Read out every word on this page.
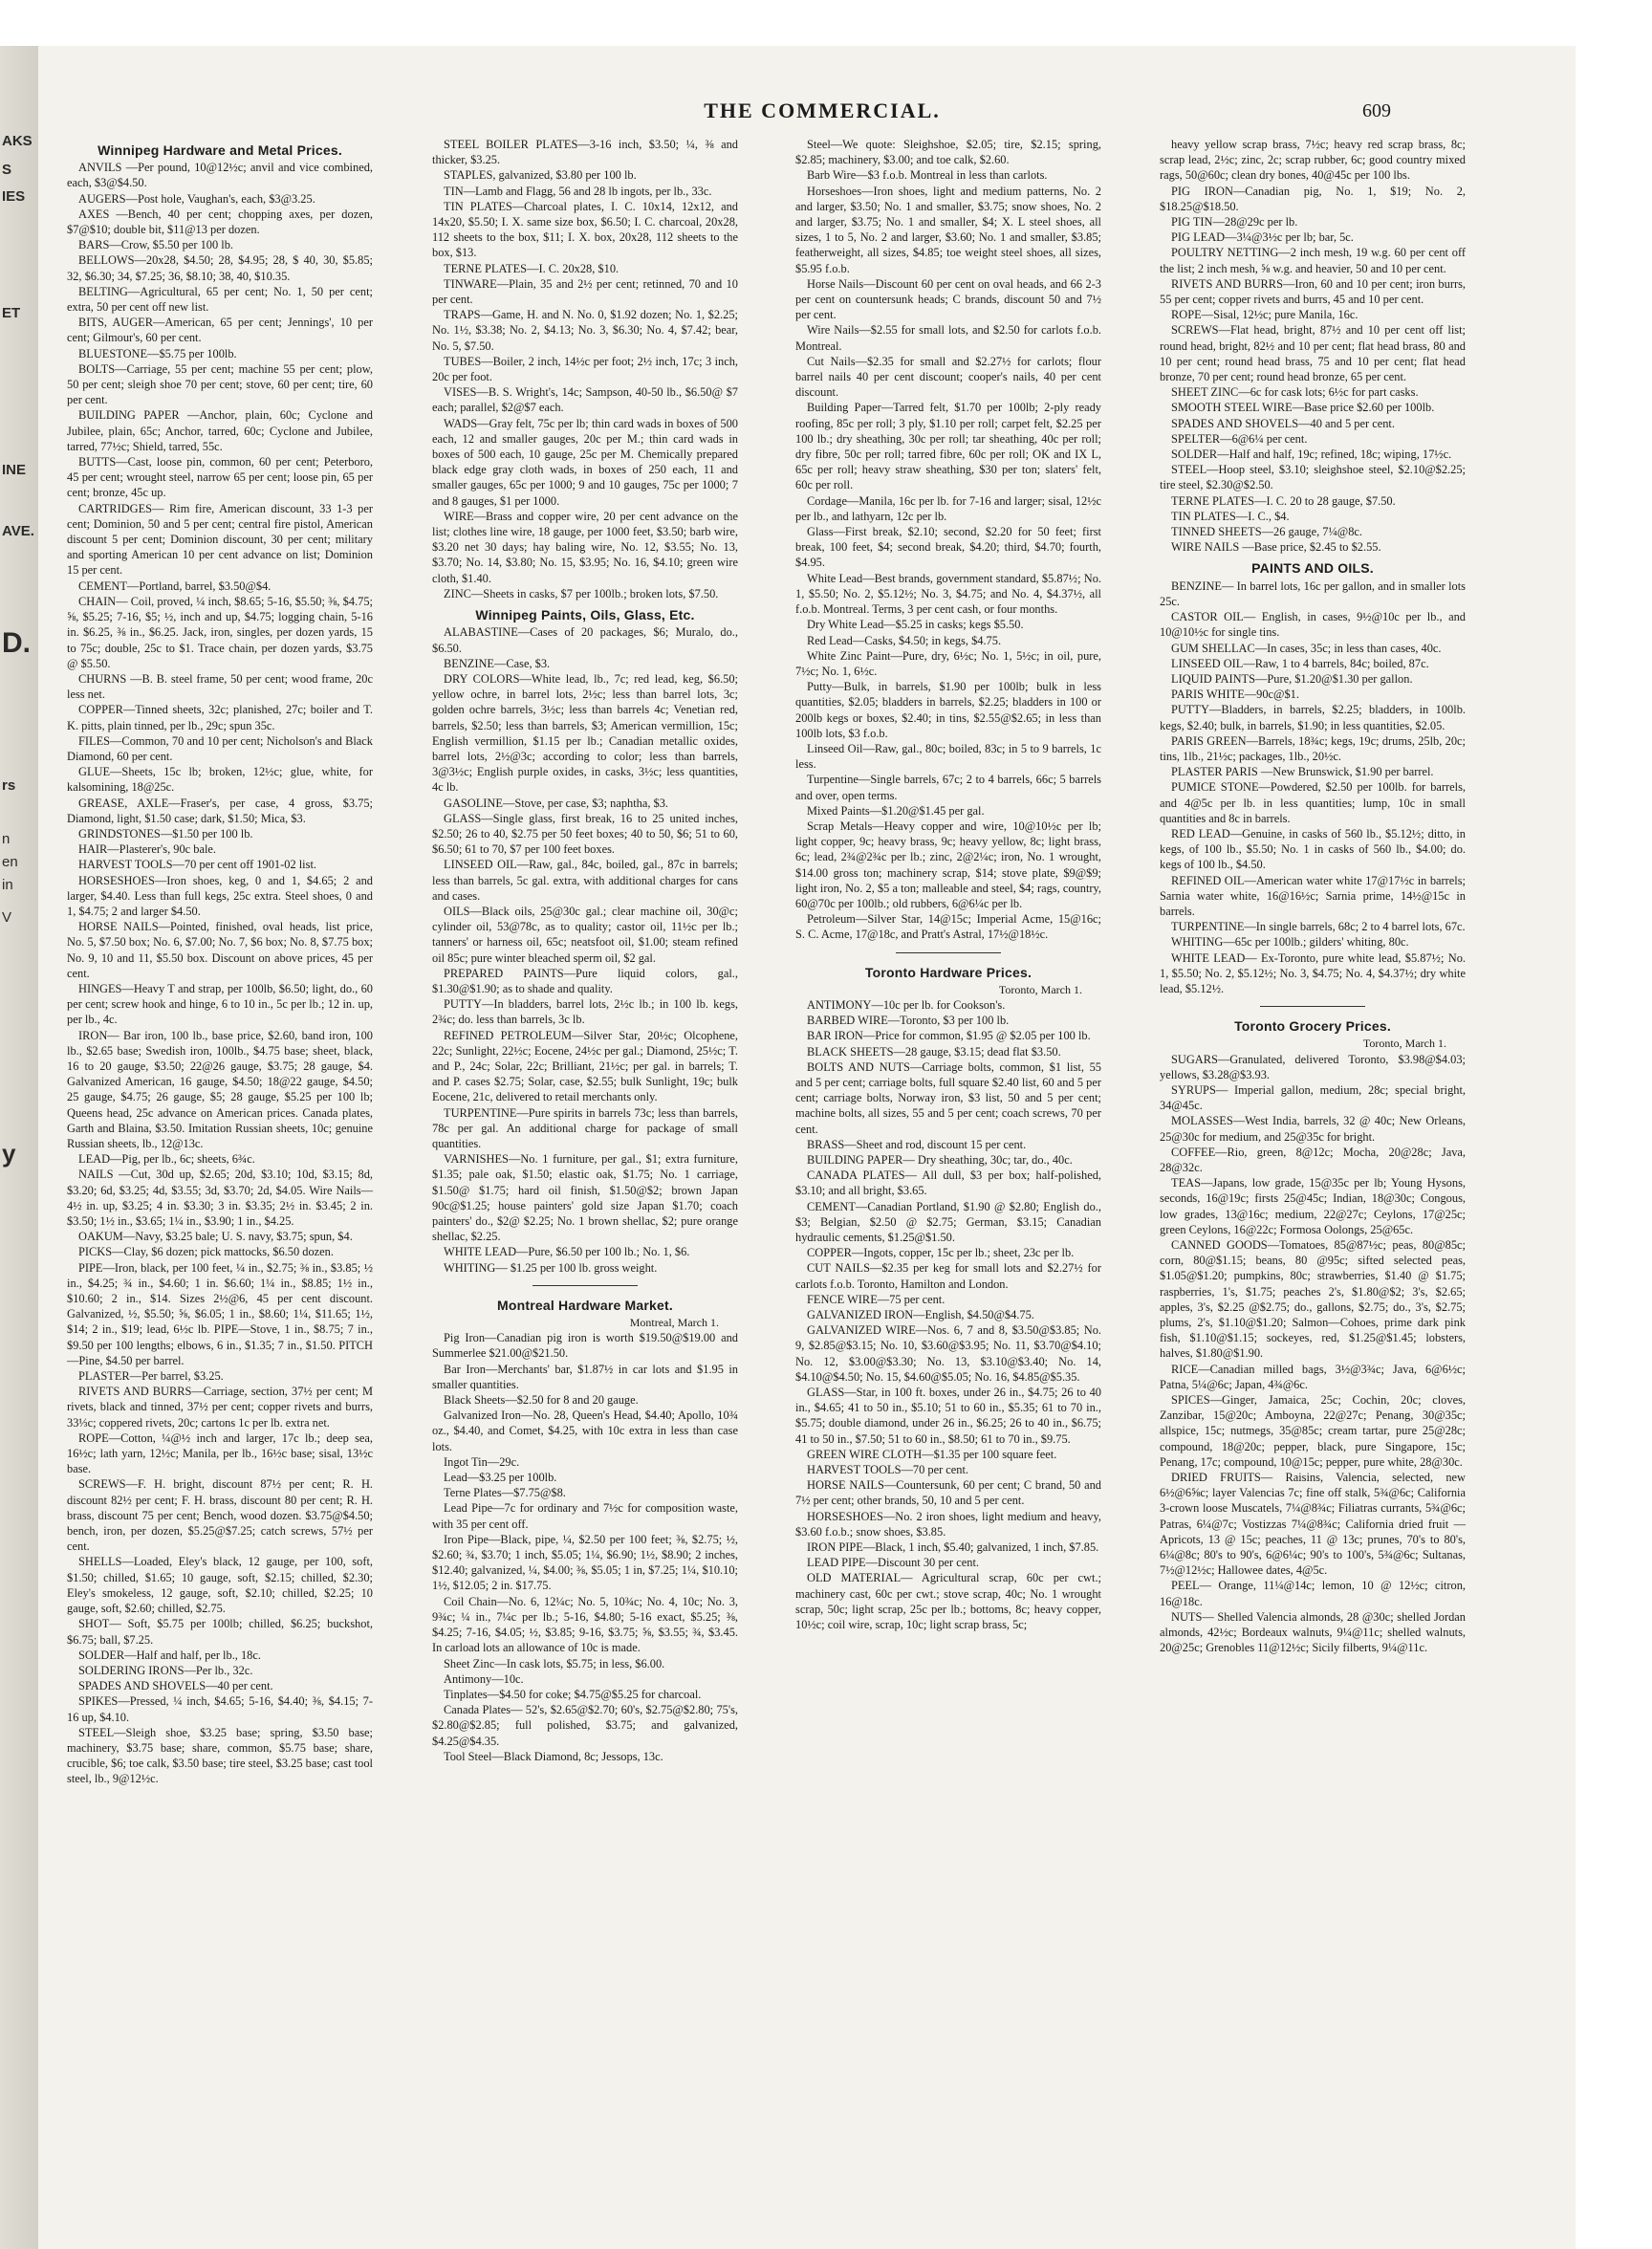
AKS
S
IES
ET
INE
AVE.
D.
rs
n
en
in
V
y
THE COMMERCIAL.	609
Winnipeg Hardware and Metal Prices.

ANVILS —Per pound, 10@12½c; anvil and vice combined, each, $3@$4.50.

AUGERS—Post hole, Vaughan's, each, $3@3.25.

AXES —Bench, 40 per cent; chopping axes, per dozen, $7@$10; double bit, $11@13 per dozen.

BARS—Crow, $5.50 per 100 lb.

BELLOWS—20x28, $4.50; 28, $4.95; 28, $ 40, 30, $5.85; 32, $6.30; 34, $7.25; 36, $8.10; 38, 40, $10.35.

BELTING—Agricultural, 65 per cent; No. 1, 50 per cent; extra, 50 per cent off new list.

BITS, AUGER—American, 65 per cent; Jennings', 10 per cent; Gilmour's, 60 per cent.

BLUESTONE—$5.75 per 100lb.

BOLTS—Carriage, 55 per cent; machine 55 per cent; plow, 50 per cent; sleigh shoe 70 per cent; stove, 60 per cent; tire, 60 per cent.

BUILDING PAPER —Anchor, plain, 60c; Cyclone and Jubilee, plain, 65c; Anchor, tarred, 60c; Cyclone and Jubilee, tarred, 77½c; Shield, tarred, 55c.

BUTTS—Cast, loose pin, common, 60 per cent; Peterboro, 45 per cent; wrought steel, narrow 65 per cent; loose pin, 65 per cent; bronze, 45c up.

CARTRIDGES— Rim fire, American discount, 33 1-3 per cent; Dominion, 50 and 5 per cent; central fire pistol, American discount 5 per cent; Dominion discount, 30 per cent; military and sporting American 10 per cent advance on list; Dominion 15 per cent.

CEMENT—Portland, barrel, $3.50@$4.

CHAIN— Coil, proved, ¼ inch, $8.65; 5-16, $5.50; ⅜, $4.75; ⅝, $5.25; 7-16, $5; ½, inch and up, $4.75; logging chain, 5-16 in. $6.25, ⅜ in., $6.25. Jack, iron, singles, per dozen yards, 15 to 75c; double, 25c to $1. Trace chain, per dozen yards, $3.75 @ $5.50.

CHURNS —B. B. steel frame, 50 per cent; wood frame, 20c less net.

COPPER—Tinned sheets, 32c; planished, 27c; boiler and T. K. pitts, plain tinned, per lb., 29c; spun 35c.

FILES—Common, 70 and 10 per cent; Nicholson's and Black Diamond, 60 per cent.

GLUE—Sheets, 15c lb; broken, 12½c; glue, white, for kalsomining, 18@25c.

GREASE, AXLE—Fraser's, per case, 4 gross, $3.75; Diamond, light, $1.50 case; dark, $1.50; Mica, $3.

GRINDSTONES—$1.50 per 100 lb.

HAIR—Plasterer's, 90c bale.

HARVEST TOOLS—70 per cent off 1901-02 list.

HORSESHOES—Iron shoes, keg, 0 and 1, $4.65; 2 and larger, $4.40. Less than full kegs, 25c extra. Steel shoes, 0 and 1, $4.75; 2 and larger $4.50.

HORSE NAILS—Pointed, finished, oval heads, list price, No. 5, $7.50 box; No. 6, $7.00; No. 7, $6 box; No. 8, $7.75 box; No. 9, 10 and 11, $5.50 box. Discount on above prices, 45 per cent.

HINGES—Heavy T and strap, per 100lb, $6.50; light, do., 60 per cent; screw hook and hinge, 6 to 10 in., 5c per lb.; 12 in. up, per lb., 4c.

IRON— Bar iron, 100 lb., base price, $2.60, band iron, 100 lb., $2.65 base; Swedish iron, 100lb., $4.75 base; sheet, black, 16 to 20 gauge, $3.50; 22@26 gauge, $3.75; 28 gauge, $4. Galvanized American, 16 gauge, $4.50; 18@22 gauge, $4.50; 25 gauge, $4.75; 26 gauge, $5; 28 gauge, $5.25 per 100 lb; Queens head, 25c advance on American prices. Canada plates, Garth and Blaina, $3.50. Imitation Russian sheets, 10c; genuine Russian sheets, lb., 12@13c.

LEAD—Pig, per lb., 6c; sheets, 6¾c.

NAILS —Cut, 30d up, $2.65; 20d, $3.10; 10d, $3.15; 8d, $3.20; 6d, $3.25; 4d, $3.55; 3d, $3.70; 2d, $4.05. Wire Nails—4½ in. up, $3.25; 4 in. $3.30; 3 in. $3.35; 2½ in. $3.45; 2 in. $3.50; 1½ in., $3.65; 1¼ in., $3.90; 1 in., $4.25.

OAKUM—Navy, $3.25 bale; U. S. navy, $3.75; spun, $4.

PICKS—Clay, $6 dozen; pick mattocks, $6.50 dozen.

PIPE—Iron, black, per 100 feet, ¼ in., $2.75; ⅜ in., $3.85; ½ in., $4.25; ¾ in., $4.60; 1 in. $6.60; 1¼ in., $8.85; 1½ in., $10.60; 2 in., $14. Sizes 2½@6, 45 per cent discount. Galvanized, ½, $5.50; ⅝, $6.05; 1 in., $8.60; 1¼, $11.65; 1½, $14; 2 in., $19; lead, 6½c lb. PIPE—Stove, 1 in., $8.75; 7 in., $9.50 per 100 lengths; elbows, 6 in., $1.35; 7 in., $1.50. PITCH—Pine, $4.50 per barrel.

PLASTER—Per barrel, $3.25.

RIVETS AND BURRS—Carriage, section, 37½ per cent; M rivets, black and tinned, 37½ per cent; copper rivets and burrs, 33⅓c; coppered rivets, 20c; cartons 1c per lb. extra net.

ROPE—Cotton, ¼@½ inch and larger, 17c lb.; deep sea, 16½c; lath yarn, 12½c; Manila, per lb., 16½c base; sisal, 13½c base.

SCREWS—F. H. bright, discount 87½ per cent; R. H. discount 82½ per cent; F. H. brass, discount 80 per cent; R. H. brass, discount 75 per cent; Bench, wood dozen. $3.75@$4.50; bench, iron, per dozen, $5.25@$7.25; catch screws, 57½ per cent.

SHELLS—Loaded, Eley's black, 12 gauge, per 100, soft, $1.50; chilled, $1.65; 10 gauge, soft, $2.15; chilled, $2.30; Eley's smokeless, 12 gauge, soft, $2.10; chilled, $2.25; 10 gauge, soft, $2.60; chilled, $2.75.

SHOT— Soft, $5.75 per 100lb; chilled, $6.25; buckshot, $6.75; ball, $7.25.

SOLDER—Half and half, per lb., 18c.

SOLDERING IRONS—Per lb., 32c.

SPADES AND SHOVELS—40 per cent.

SPIKES—Pressed, ¼ inch, $4.65; 5-16, $4.40; ⅜, $4.15; 7-16 up, $4.10.

STEEL—Sleigh shoe, $3.25 base; spring, $3.50 base; machinery, $3.75 base; share, common, $5.75 base; share, crucible, $6; toe calk, $3.50 base; tire steel, $3.25 base; cast tool steel, lb., 9@12½c.

STEEL BOILER PLATES—3-16 inch, $3.50; ¼, ⅜ and thicker, $3.25.

STAPLES, galvanized, $3.80 per 100 lb.

TIN—Lamb and Flagg, 56 and 28 lb ingots, per lb., 33c.

TIN PLATES—Charcoal plates, I. C. 10x14, 12x12, and 14x20, $5.50; I. X. same size box, $6.50; I. C. charcoal, 20x28, 112 sheets to the box, $11; I. X. box, 20x28, 112 sheets to the box, $13.

TERNE PLATES—I. C. 20x28, $10.

TINWARE—Plain, 35 and 2½ per cent; retinned, 70 and 10 per cent.

TRAPS—Game, H. and N. No. 0, $1.92 dozen; No. 1, $2.25; No. 1½, $3.38; No. 2, $4.13; No. 3, $6.30; No. 4, $7.42; bear, No. 5, $7.50.

TUBES—Boiler, 2 inch, 14½c per foot; 2½ inch, 17c; 3 inch, 20c per foot.

VISES—B. S. Wright's, 14c; Sampson, 40-50 lb., $6.50@ $7 each; parallel, $2@$7 each.

WADS—Gray felt, 75c per lb; thin card wads in boxes of 500 each, 12 and smaller gauges, 20c per M.; thin card wads in boxes of 500 each, 10 gauge, 25c per M. Chemically prepared black edge gray cloth wads, in boxes of 250 each, 11 and smaller gauges, 65c per 1000; 9 and 10 gauges, 75c per 1000; 7 and 8 gauges, $1 per 1000.

WIRE—Brass and copper wire, 20 per cent advance on the list; clothes line wire, 18 gauge, per 1000 feet, $3.50; barb wire, $3.20 net 30 days; hay baling wire, No. 12, $3.55; No. 13, $3.70; No. 14, $3.80; No. 15, $3.95; No. 16, $4.10; green wire cloth, $1.40.

ZINC—Sheets in casks, $7 per 100lb.; broken lots, $7.50.

Winnipeg Paints, Oils, Glass, Etc.

ALABASTINE—Cases of 20 packages, $6; Muralo, do., $6.50.

BENZINE—Case, $3.

DRY COLORS—White lead, lb., 7c; red lead, keg, $6.50; yellow ochre, in barrel lots, 2½c; less than barrel lots, 3c; golden ochre barrels, 3½c; less than barrels 4c; Venetian red, barrels, $2.50; less than barrels, $3; American vermillion, 15c; English vermillion, $1.15 per lb.; Canadian metallic oxides, barrel lots, 2½@3c; according to color; less than barrels, 3@3½c; English purple oxides, in casks, 3½c; less quantities, 4c lb.

GASOLINE—Stove, per case, $3; naphtha, $3.

GLASS—Single glass, first break, 16 to 25 united inches, $2.50; 26 to 40, $2.75 per 50 feet boxes; 40 to 50, $6; 51 to 60, $6.50; 61 to 70, $7 per 100 feet boxes.

LINSEED OIL—Raw, gal., 84c, boiled, gal., 87c in barrels; less than barrels, 5c gal. extra, with additional charges for cans and cases.

OILS—Black oils, 25@30c gal.; clear machine oil, 30@c; cylinder oil, 53@78c, as to quality; castor oil, 11½c per lb.; tanners' or harness oil, 65c; neatsfoot oil, $1.00; steam refined oil 85c; pure winter bleached sperm oil, $2 gal.

PREPARED PAINTS—Pure liquid colors, gal., $1.30@$1.90; as to shade and quality.

PUTTY—In bladders, barrel lots, 2½c lb.; in 100 lb. kegs, 2¾c; do. less than barrels, 3c lb.

REFINED PETROLEUM—Silver Star, 20½c; Olcophene, 22c; Sunlight, 22½c; Eocene, 24½c per gal.; Diamond, 25½c; T. and P., 24c; Solar, 22c; Brilliant, 21½c; per gal. in barrels; T. and P. cases $2.75; Solar, case, $2.55; bulk Sunlight, 19c; bulk Eocene, 21c, delivered to retail merchants only.

TURPENTINE—Pure spirits in barrels 73c; less than barrels, 78c per gal. An additional charge for package of small quantities.

VARNISHES—No. 1 furniture, per gal., $1; extra furniture, $1.35; pale oak, $1.50; elastic oak, $1.75; No. 1 carriage, $1.50@ $1.75; hard oil finish, $1.50@$2; brown Japan 90c@$1.25; house painters' gold size Japan $1.70; coach painters' do., $2@ $2.25; No. 1 brown shellac, $2; pure orange shellac, $2.25.

WHITE LEAD—Pure, $6.50 per 100 lb.; No. 1, $6.

WHITING— $1.25 per 100 lb. gross weight.

Montreal Hardware Market.
Montreal, March 1.

Pig Iron—Canadian pig iron is worth $19.50@$19.00 and Summerlee $21.00@$21.50.

Bar Iron—Merchants' bar, $1.87½ in car lots and $1.95 in smaller quantities.

Black Sheets—$2.50 for 8 and 20 gauge.

Galvanized Iron—No. 28, Queen's Head, $4.40; Apollo, 10¾ oz., $4.40, and Comet, $4.25, with 10c extra in less than case lots.

Ingot Tin—29c.

Lead—$3.25 per 100lb.

Terne Plates—$7.75@$8.

Lead Pipe—7c for ordinary and 7½c for composition waste, with 35 per cent off.

Iron Pipe—Black, pipe, ¼, $2.50 per 100 feet; ⅜, $2.75; ½, $2.60; ¾, $3.70; 1 inch, $5.05; 1¼, $6.90; 1½, $8.90; 2 inches, $12.40; galvanized, ¼, $4.00; ⅜, $5.05; 1 in, $7.25; 1¼, $10.10; 1½, $12.05; 2 in. $17.75.

Coil Chain—No. 6, 12¼c; No. 5, 10¾c; No. 4, 10c; No. 3, 9¾c; ¼ in., 7¼c per lb.; 5-16, $4.80; 5-16 exact, $5.25; ⅜, $4.25; 7-16, $4.05; ½, $3.85; 9-16, $3.75; ⅝, $3.55; ¾, $3.45. In carload lots an allowance of 10c is made.

Sheet Zinc—In cask lots, $5.75; in less, $6.00.

Antimony—10c.

Tinplates—$4.50 for coke; $4.75@$5.25 for charcoal.

Canada Plates— 52's, $2.65@$2.70; 60's, $2.75@$2.80; 75's, $2.80@$2.85; full polished, $3.75; and galvanized, $4.25@$4.35.

Tool Steel—Black Diamond, 8c; Jessops, 13c.

Steel—We quote: Sleighshoe, $2.05; tire, $2.15; spring, $2.85; machinery, $3.00; and toe calk, $2.60.

Barb Wire—$3 f.o.b. Montreal in less than carlots.

Horseshoes—Iron shoes, light and medium patterns, No. 2 and larger, $3.50; No. 1 and smaller, $3.75; snow shoes, No. 2 and larger, $3.75; No. 1 and smaller, $4; X. L steel shoes, all sizes, 1 to 5, No. 2 and larger, $3.60; No. 1 and smaller, $3.85; featherweight, all sizes, $4.85; toe weight steel shoes, all sizes, $5.95 f.o.b.

Horse Nails—Discount 60 per cent on oval heads, and 66 2-3 per cent on countersunk heads; C brands, discount 50 and 7½ per cent.

Wire Nails—$2.55 for small lots, and $2.50 for carlots f.o.b. Montreal.

Cut Nails—$2.35 for small and $2.27½ for carlots; flour barrel nails 40 per cent discount; cooper's nails, 40 per cent discount.

Building Paper—Tarred felt, $1.70 per 100lb; 2-ply ready roofing, 85c per roll; 3 ply, $1.10 per roll; carpet felt, $2.25 per 100 lb.; dry sheathing, 30c per roll; tar sheathing, 40c per roll; dry fibre, 50c per roll; tarred fibre, 60c per roll; OK and IX L, 65c per roll; heavy straw sheathing, $30 per ton; slaters' felt, 60c per roll.

Cordage—Manila, 16c per lb. for 7-16 and larger; sisal, 12½c per lb., and lathyarn, 12c per lb.

Glass—First break, $2.10; second, $2.20 for 50 feet; first break, 100 feet, $4; second break, $4.20; third, $4.70; fourth, $4.95.

White Lead—Best brands, government standard, $5.87½; No. 1, $5.50; No. 2, $5.12½; No. 3, $4.75; and No. 4, $4.37½, all f.o.b. Montreal. Terms, 3 per cent cash, or four months.

Dry White Lead—$5.25 in casks; kegs $5.50.

Red Lead—Casks, $4.50; in kegs, $4.75.

White Zinc Paint—Pure, dry, 6½c; No. 1, 5½c; in oil, pure, 7½c; No. 1, 6½c.

Putty—Bulk, in barrels, $1.90 per 100lb; bulk in less quantities, $2.05; bladders in barrels, $2.25; bladders in 100 or 200lb kegs or boxes, $2.40; in tins, $2.55@$2.65; in less than 100lb lots, $3 f.o.b.

Linseed Oil—Raw, gal., 80c; boiled, 83c; in 5 to 9 barrels, 1c less.

Turpentine—Single barrels, 67c; 2 to 4 barrels, 66c; 5 barrels and over, open terms.

Mixed Paints—$1.20@$1.45 per gal.

Scrap Metals—Heavy copper and wire, 10@10½c per lb; light copper, 9c; heavy brass, 9c; heavy yellow, 8c; light brass, 6c; lead, 2¾@2¾c per lb.; zinc, 2@2¼c; iron, No. 1 wrought, $14.00 gross ton; machinery scrap, $14; stove plate, $9@$9; light iron, No. 2, $5 a ton; malleable and steel, $4; rags, country, 60@70c per 100lb.; old rubbers, 6@6¼c per lb.

Petroleum—Silver Star, 14@15c; Imperial Acme, 15@16c; S. C. Acme, 17@18c, and Pratt's Astral, 17½@18½c.

Toronto Hardware Prices.
Toronto, March 1.

ANTIMONY—10c per lb. for Cookson's.

BARBED WIRE—Toronto, $3 per 100 lb.

BAR IRON—Price for common, $1.95 @ $2.05 per 100 lb.

BLACK SHEETS—28 gauge, $3.15; dead flat $3.50.

BOLTS AND NUTS—Carriage bolts, common, $1 list, 55 and 5 per cent; carriage bolts, full square $2.40 list, 60 and 5 per cent; carriage bolts, Norway iron, $3 list, 50 and 5 per cent; machine bolts, all sizes, 55 and 5 per cent; coach screws, 70 per cent.

BRASS—Sheet and rod, discount 15 per cent.

BUILDING PAPER— Dry sheathing, 30c; tar, do., 40c.

CANADA PLATES— All dull, $3 per box; half-polished, $3.10; and all bright, $3.65.

CEMENT—Canadian Portland, $1.90 @ $2.80; English do., $3; Belgian, $2.50 @ $2.75; German, $3.15; Canadian hydraulic cements, $1.25@$1.50.

COPPER—Ingots, copper, 15c per lb.; sheet, 23c per lb.

CUT NAILS—$2.35 per keg for small lots and $2.27½ for carlots f.o.b. Toronto, Hamilton and London.

FENCE WIRE—75 per cent.

GALVANIZED IRON—English, $4.50@$4.75.

GALVANIZED WIRE—Nos. 6, 7 and 8, $3.50@$3.85; No. 9, $2.85@$3.15; No. 10, $3.60@$3.95; No. 11, $3.70@$4.10; No. 12, $3.00@$3.30; No. 13, $3.10@$3.40; No. 14, $4.10@$4.50; No. 15, $4.60@$5.05; No. 16, $4.85@$5.35.

GLASS—Star, in 100 ft. boxes, under 26 in., $4.75; 26 to 40 in., $4.65; 41 to 50 in., $5.10; 51 to 60 in., $5.35; 61 to 70 in., $5.75; double diamond, under 26 in., $6.25; 26 to 40 in., $6.75; 41 to 50 in., $7.50; 51 to 60 in., $8.50; 61 to 70 in., $9.75.

GREEN WIRE CLOTH—$1.35 per 100 square feet.

HARVEST TOOLS—70 per cent.

HORSE NAILS—Countersunk, 60 per cent; C brand, 50 and 7½ per cent; other brands, 50, 10 and 5 per cent.

HORSESHOES—No. 2 iron shoes, light medium and heavy, $3.60 f.o.b.; snow shoes, $3.85.

IRON PIPE—Black, 1 inch, $5.40; galvanized, 1 inch, $7.85.

LEAD PIPE—Discount 30 per cent.

OLD MATERIAL— Agricultural scrap, 60c per cwt.; machinery cast, 60c per cwt.; stove scrap, 40c; No. 1 wrought scrap, 50c; light scrap, 25c per lb.; bottoms, 8c; heavy copper, 10½c; coil wire, scrap, 10c; light scrap brass, 5c;

heavy yellow scrap brass, 7½c; heavy red scrap brass, 8c; scrap lead, 2½c; zinc, 2c; scrap rubber, 6c; good country mixed rags, 50@60c; clean dry bones, 40@45c per 100 lbs.

PIG IRON—Canadian pig, No. 1, $19; No. 2, $18.25@$18.50.

PIG TIN—28@29c per lb.

PIG LEAD—3¼@3½c per lb; bar, 5c.

POULTRY NETTING—2 inch mesh, 19 w.g. 60 per cent off the list; 2 inch mesh, ⅝ w.g. and heavier, 50 and 10 per cent.

RIVETS AND BURRS—Iron, 60 and 10 per cent; iron burrs, 55 per cent; copper rivets and burrs, 45 and 10 per cent.

ROPE—Sisal, 12½c; pure Manila, 16c.

SCREWS—Flat head, bright, 87½ and 10 per cent off list; round head, bright, 82½ and 10 per cent; flat head brass, 80 and 10 per cent; round head brass, 75 and 10 per cent; flat head bronze, 70 per cent; round head bronze, 65 per cent.

SHEET ZINC—6c for cask lots; 6½c for part casks.

SMOOTH STEEL WIRE—Base price $2.60 per 100lb.

SPADES AND SHOVELS—40 and 5 per cent.

SPELTER—6@6¼ per cent.

SOLDER—Half and half, 19c; refined, 18c; wiping, 17½c.

STEEL—Hoop steel, $3.10; sleighshoe steel, $2.10@$2.25; tire steel, $2.30@$2.50.

TERNE PLATES—I. C. 20 to 28 gauge, $7.50.

TIN PLATES—I. C., $4.

TINNED SHEETS—26 gauge, 7¼@8c.

WIRE NAILS —Base price, $2.45 to $2.55.

PAINTS AND OILS.

BENZINE— In barrel lots, 16c per gallon, and in smaller lots 25c.

CASTOR OIL— English, in cases, 9½@10c per lb., and 10@10½c for single tins.

GUM SHELLAC—In cases, 35c; in less than cases, 40c.

LINSEED OIL—Raw, 1 to 4 barrels, 84c; boiled, 87c.

LIQUID PAINTS—Pure, $1.20@$1.30 per gallon.

PARIS WHITE—90c@$1.

PUTTY—Bladders, in barrels, $2.25; bladders, in 100lb. kegs, $2.40; bulk, in barrels, $1.90; in less quantities, $2.05.

PARIS GREEN—Barrels, 18¾c; kegs, 19c; drums, 25lb, 20c; tins, 1lb., 21½c; packages, 1lb., 20½c.

PLASTER PARIS —New Brunswick, $1.90 per barrel.

PUMICE STONE—Powdered, $2.50 per 100lb. for barrels, and 4@5c per lb. in less quantities; lump, 10c in small quantities and 8c in barrels.

RED LEAD—Genuine, in casks of 560 lb., $5.12½; ditto, in kegs, of 100 lb., $5.50; No. 1 in casks of 560 lb., $4.00; do. kegs of 100 lb., $4.50.

REFINED OIL—American water white 17@17½c in barrels; Sarnia water white, 16@16½c; Sarnia prime, 14½@15c in barrels.

TURPENTINE—In single barrels, 68c; 2 to 4 barrel lots, 67c.

WHITING—65c per 100lb.; gilders' whiting, 80c.

WHITE LEAD— Ex-Toronto, pure white lead, $5.87½; No. 1, $5.50; No. 2, $5.12½; No. 3, $4.75; No. 4, $4.37½; dry white lead, $5.12½.

Toronto Grocery Prices.
Toronto, March 1.

SUGARS—Granulated, delivered Toronto, $3.98@$4.03; yellows, $3.28@$3.93.

SYRUPS— Imperial gallon, medium, 28c; special bright, 34@45c.

MOLASSES—West India, barrels, 32 @ 40c; New Orleans, 25@30c for medium, and 25@35c for bright.

COFFEE—Rio, green, 8@12c; Mocha, 20@28c; Java, 28@32c.

TEAS—Japans, low grade, 15@35c per lb; Young Hysons, seconds, 16@19c; firsts 25@45c; Indian, 18@30c; Congous, low grades, 13@16c; medium, 22@27c; Ceylons, 17@25c; green Ceylons, 16@22c; Formosa Oolongs, 25@65c.

CANNED GOODS—Tomatoes, 85@87½c; peas, 80@85c; corn, 80@$1.15; beans, 80 @95c; sifted selected peas, $1.05@$1.20; pumpkins, 80c; strawberries, $1.40 @ $1.75; raspberries, 1's, $1.75; peaches 2's, $1.80@$2; 3's, $2.65; apples, 3's, $2.25 @$2.75; do., gallons, $2.75; do., 3's, $2.75; plums, 2's, $1.10@$1.20; Salmon—Cohoes, prime dark pink fish, $1.10@$1.15; sockeyes, red, $1.25@$1.45; lobsters, halves, $1.80@$1.90.

RICE—Canadian milled bags, 3½@3¾c; Java, 6@6½c; Patna, 5¼@6c; Japan, 4¾@6c.

SPICES—Ginger, Jamaica, 25c; Cochin, 20c; cloves, Zanzibar, 15@20c; Amboyna, 22@27c; Penang, 30@35c; allspice, 15c; nutmegs, 35@85c; cream tartar, pure 25@28c; compound, 18@20c; pepper, black, pure Singapore, 15c; Penang, 17c; compound, 10@15c; pepper, pure white, 28@30c.

DRIED FRUITS— Raisins, Valencia, selected, new 6½@6⅝c; layer Valencias 7c; fine off stalk, 5¾@6c; California 3-crown loose Muscatels, 7¼@8¾c; Filiatras currants, 5¾@6c; Patras, 6¼@7c; Vostizzas 7¼@8¾c; California dried fruit —Apricots, 13 @ 15c; peaches, 11 @ 13c; prunes, 70's to 80's, 6¼@8c; 80's to 90's, 6@6¼c; 90's to 100's, 5¾@6c; Sultanas, 7½@12½c; Hallowee dates, 4@5c.

PEEL— Orange, 11¼@14c; lemon, 10 @ 12½c; citron, 16@18c.

NUTS— Shelled Valencia almonds, 28 @30c; shelled Jordan almonds, 42½c; Bordeaux walnuts, 9¼@11c; shelled walnuts, 20@25c; Grenobles 11@12½c; Sicily filberts, 9¼@11c.
